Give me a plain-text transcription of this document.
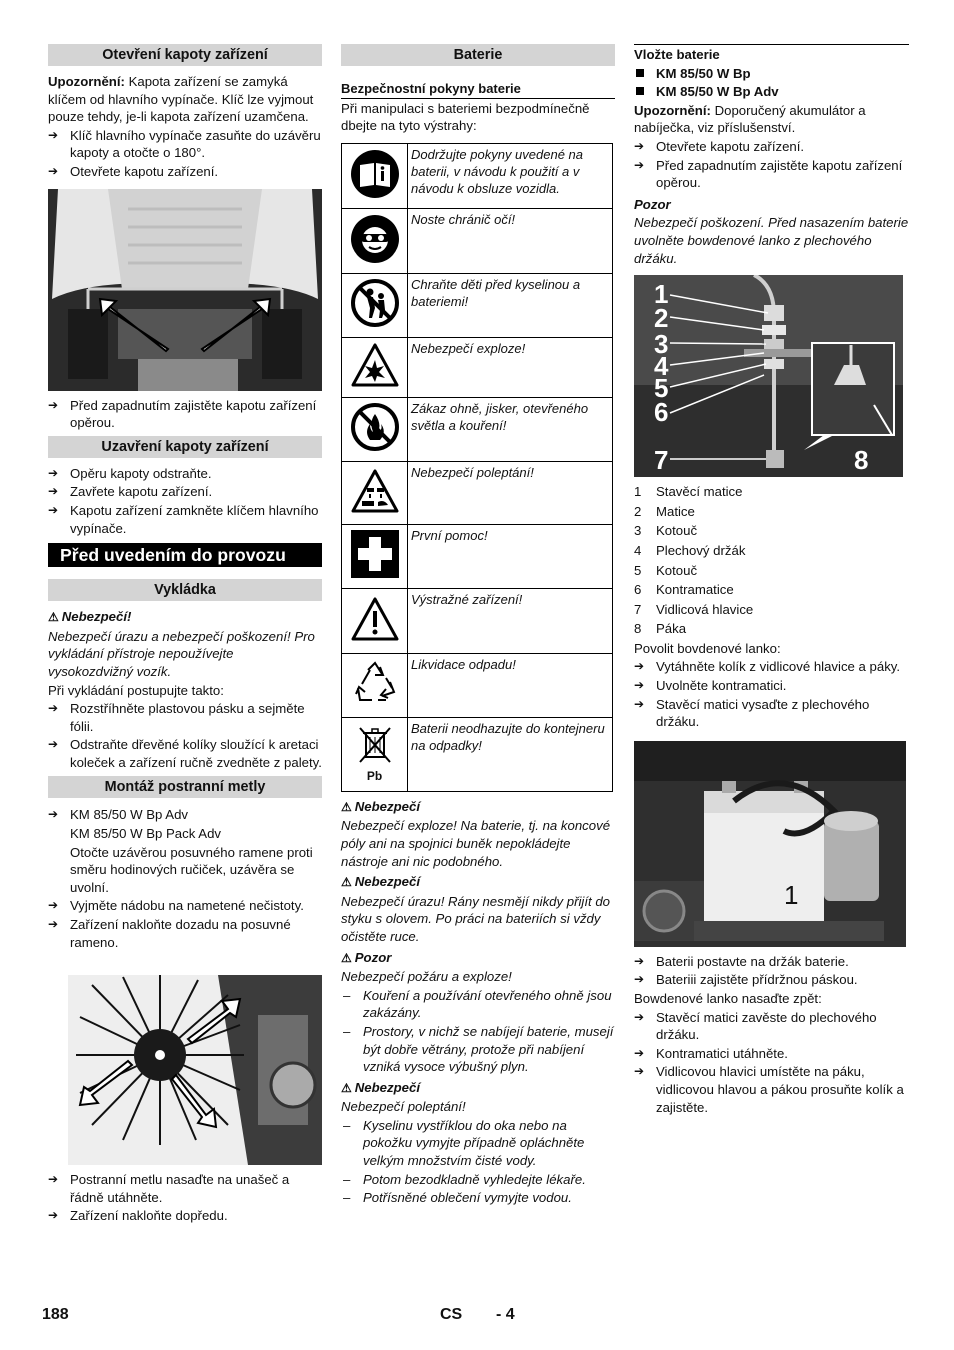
Otevření kapoty zařízení

Upozornění: Kapota zařízení se zamyká klíčem od hlavního vypínače. Klíč lze vyjmout pouze tehdy, je-li kapota zařízení uzamčena.

➔ Klíč hlavního vypínače zasuňte do uzávěru kapoty a otočte o 180°.

➔ Otevřete kapotu zařízení.

➔ Před zapadnutím zajistěte kapotu zařízení opěrou.

Uzavření kapoty zařízení

➔ Opěru kapoty odstraňte.

➔ Zavřete kapotu zařízení.

➔ Kapotu zařízení zamkněte klíčem hlavního vypínače.

Před uvedením do provozu
Vykládka

⚠ Nebezpečí!

Nebezpečí úrazu a nebezpečí poškození! Pro vykládání přístroje nepoužívejte vysokozdvižný vozík.

Při vykládání postupujte takto:

➔ Rozstříhněte plastovou pásku a sejměte fólii.

➔ Odstraňte dřevěné kolíky sloužící k aretaci koleček a zařízení ručně zvedněte z palety.

Montáž postranní metly

➔ KM 85/50 W Bp Adv

KM 85/50 W Bp Pack Adv

Otočte uzávěrou posuvného ramene proti směru hodinových ručiček, uzávěra se uvolní.

➔ Vyjměte nádobu na nametené nečistoty.

➔ Zařízení nakloňte dozadu na posuvné rameno.

➔ Postranní metlu nasaďte na unašeč a řádně utáhněte.

➔ Zařízení nakloňte dopředu.

Baterie
Bezpečnostní pokyny baterie

Při manipulaci s bateriemi bezpodmínečně dbejte na tyto výstrahy:

	Dodržujte pokyny uvedené na baterii, v návodu k použití a v návodu k obsluze vozidla.
	Noste chránič očí!
	Chraňte děti před kyselinou a bateriemi!
	Nebezpečí exploze!
	Zákaz ohně, jisker, otevřeného světla a kouření!
	Nebezpečí poleptání!
	První pomoc!
	Výstražné zařízení!
	Likvidace odpadu!

Pb	Baterii neodhazujte do kontejneru na odpadky!

⚠ Nebezpečí

Nebezpečí exploze! Na baterie, tj. na koncové póly ani na spojnici buněk nepokládejte nástroje ani nic podobného.

⚠ Nebezpečí

Nebezpečí úrazu! Rány nesmějí nikdy přijít do styku s olovem. Po práci na bateriích si vždy očistěte ruce.

⚠ Pozor

Nebezpečí požáru a exploze!

– Kouření a používání otevřeného ohně jsou zakázány.

– Prostory, v nichž se nabíjejí baterie, musejí být dobře větrány, protože při nabíjení vzniká vysoce výbušný plyn.

⚠ Nebezpečí

Nebezpečí poleptání!

– Kyselinu vystříklou do oka nebo na pokožku vymyjte případně opláchněte velkým množstvím čisté vody.

– Potom bezodkladně vyhledejte lékaře.

– Potřísněné oblečení vymyjte vodou.

Vložte baterie

KM 85/50 W Bp

KM 85/50 W Bp Adv

Upozornění: Doporučený akumulátor a nabíječka, viz příslušenství.

➔ Otevřete kapotu zařízení.

➔ Před zapadnutím zajistěte kapotu zařízení opěrou.

Pozor

Nebezpečí poškození. Před nasazením baterie uvolněte bowdenové lanko z plechového držáku.

1
2
3
4
5
6
7	8
1	Stavěcí matice
2	Matice
3	Kotouč
4	Plechový držák
5	Kotouč
6	Kontramatice
7	Vidlicová hlavice
8	Páka

Povolit bovdenové lanko:

➔ Vytáhněte kolík z vidlicové hlavice a páky.

➔ Uvolněte kontramatici.

➔ Stavěcí matici vysaďte z plechového držáku.

1

➔ Baterii postavte na držák baterie.

➔ Bateriii zajistěte přídržnou páskou.

Bowdenové lanko nasaďte zpět:

➔ Stavěcí matici zavěste do plechového držáku.

➔ Kontramatici utáhněte.

➔ Vidlicovou hlavici umístěte na páku, vidlicovou hlavou a pákou prosuňte kolík a zajistěte.

188	CS - 4
